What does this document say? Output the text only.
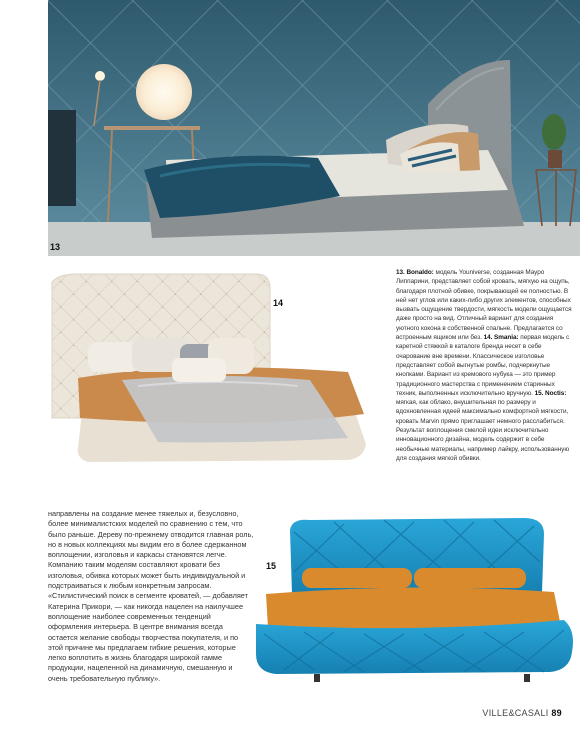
13
14
13. Bonaldo: модель Youniverse, созданная Мауро Липпарини, представляет собой кровать, мягкую на ощупь, благодаря плотной обивке, покрывающей ее полностью. В ней нет углов или каких-либо других элементов, способных вызвать ощущение твердости, мягкость модели ощущается даже просто на вид. Отличный вариант для создания уютного кокона в собственной спальне. Предлагается со встроенным ящиком или без. 14. Smania: первая модель с каретной стяжкой в каталоге бренда несет в себе очарование вне времени. Классическое изголовье представляет собой выгнутые ромбы, подчеркнутые кнопками. Вариант из кремового нубука — это пример традиционного мастерства с применением старинных техник, выполненных исключительно вручную. 15. Noctis: мягкая, как облако, внушительная по размеру и вдохновленная идеей максимально комфортной мягкости, кровать Marvin прямо приглашает немного расслабиться. Результат воплощения смелой идеи исключительно инновационного дизайна, модель содержит в себе необычные материалы, например лайкру, использованную для создания мягкой обивки.
направлены на создание менее тяжелых и, безусловно, более минималистских моделей по сравнению с тем, что было раньше. Дереву по-прежнему отводится главная роль, но в новых коллекциях мы видим его в более сдержанном воплощении, изголовья и каркасы становятся легче. Компанию таким моделям составляют кровати без изголовья, обивка которых может быть индивидуальной и подстраиваться к любым конкретным запросам. «Стилистический поиск в сегменте кроватей, — добавляет Катерина Прикори, — как никогда нацелен на наилучшее воплощение наиболее современных тенденций оформления интерьера. В центре внимания всегда остается желание свободы творчества покупателя, и по этой причине мы предлагаем гибкие решения, которые легко воплотить в жизнь благодаря широкой гамме продукции, нацеленной на динамичную, смешанную и очень требовательную публику».
15
VILLE&CASALI 89
